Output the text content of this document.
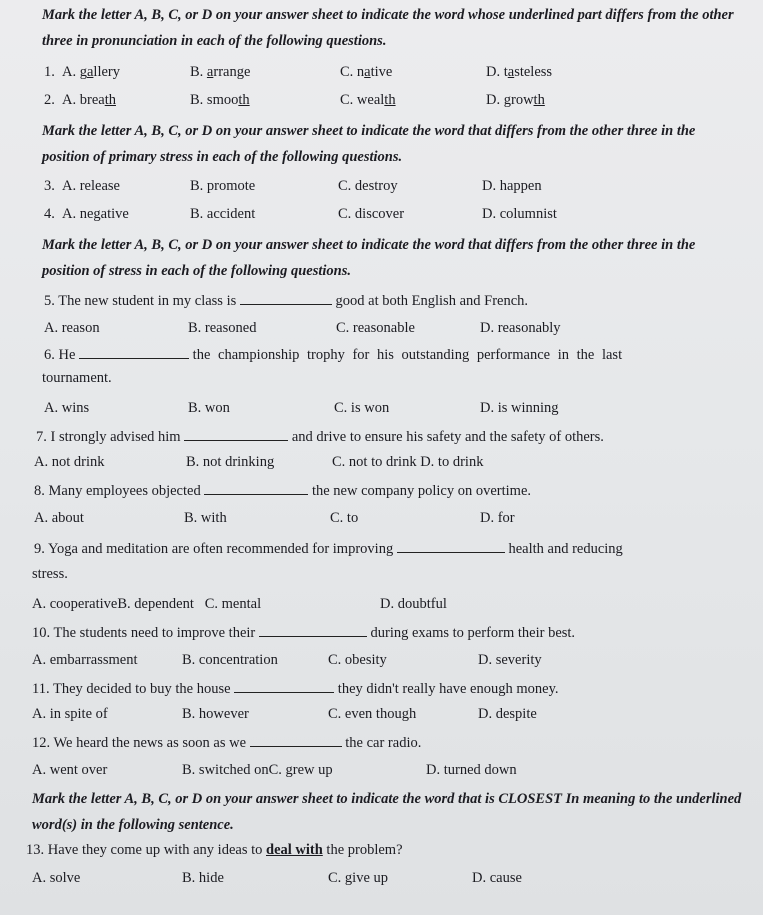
Mark the letter A, B, C, or D on your answer sheet to indicate the word whose underlined part differs from the other three in pronunciation in each of the following questions.

1. A. gallery	B. arrange	C. native	D. tasteless
2. A. breath	B. smooth	C. wealth	D. growth

Mark the letter A, B, C, or D on your answer sheet to indicate the word that differs from the other three in the position of primary stress in each of the following questions.

3. A. release	B. promote	C. destroy	D. happen
4. A. negative	B. accident	C. discover	D. columnist

Mark the letter A, B, C, or D on your answer sheet to indicate the word that differs from the other three in the position of stress in each of the following questions.

5. The new student in my class is	good at both English and French.
A. reason	B. reasoned	C. reasonable	D. reasonably
6. He	the championship trophy for his outstanding performance in the last
tournament.
A. wins	B. won	C. is won	D. is winning
7. I strongly advised him	and drive to ensure his safety and the safety of others.
A. not drink	B. not drinking	C. not to drink D. to drink
8. Many employees objected	the new company policy on overtime.
A. about	B. with	C. to	D. for
9. Yoga and meditation are often recommended for improving	health and reducing
stress.
A. cooperativeB. dependent   C. mental	D. doubtful
10. The students need to improve their	during exams to perform their best.
A. embarrassment	B. concentration	C. obesity	D. severity
11. They decided to buy the house	they didn't really have enough money.
A. in spite of	B. however	C. even though	D. despite
12. We heard the news as soon as we	the car radio.
A. went over	B. switched onC. grew up	D. turned down

Mark the letter A, B, C, or D on your answer sheet to indicate the word that is CLOSEST In meaning to the underlined word(s) in the following sentence.

13. Have they come up with any ideas to deal with the problem?
A. solve	B. hide	C. give up	D. cause
